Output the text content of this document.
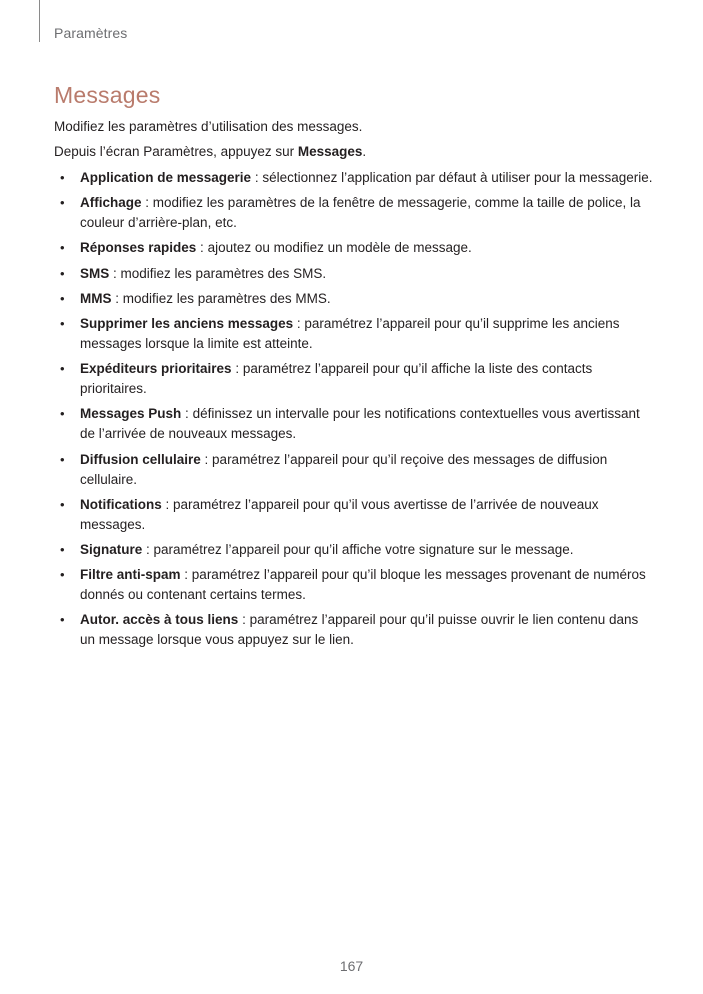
Paramètres
Messages

Modifiez les paramètres d’utilisation des messages.

Depuis l’écran Paramètres, appuyez sur Messages.

• Application de messagerie : sélectionnez l’application par défaut à utiliser pour la messagerie.
• Affichage : modifiez les paramètres de la fenêtre de messagerie, comme la taille de police, la couleur d’arrière-plan, etc.
• Réponses rapides : ajoutez ou modifiez un modèle de message.
• SMS : modifiez les paramètres des SMS.
• MMS : modifiez les paramètres des MMS.
• Supprimer les anciens messages : paramétrez l’appareil pour qu’il supprime les anciens messages lorsque la limite est atteinte.
• Expéditeurs prioritaires : paramétrez l’appareil pour qu’il affiche la liste des contacts prioritaires.
• Messages Push : définissez un intervalle pour les notifications contextuelles vous avertissant de l’arrivée de nouveaux messages.
• Diffusion cellulaire : paramétrez l’appareil pour qu’il reçoive des messages de diffusion cellulaire.
• Notifications : paramétrez l’appareil pour qu’il vous avertisse de l’arrivée de nouveaux messages.
• Signature : paramétrez l’appareil pour qu’il affiche votre signature sur le message.
• Filtre anti-spam : paramétrez l’appareil pour qu’il bloque les messages provenant de numéros donnés ou contenant certains termes.
• Autor. accès à tous liens : paramétrez l’appareil pour qu’il puisse ouvrir le lien contenu dans un message lorsque vous appuyez sur le lien.
167
